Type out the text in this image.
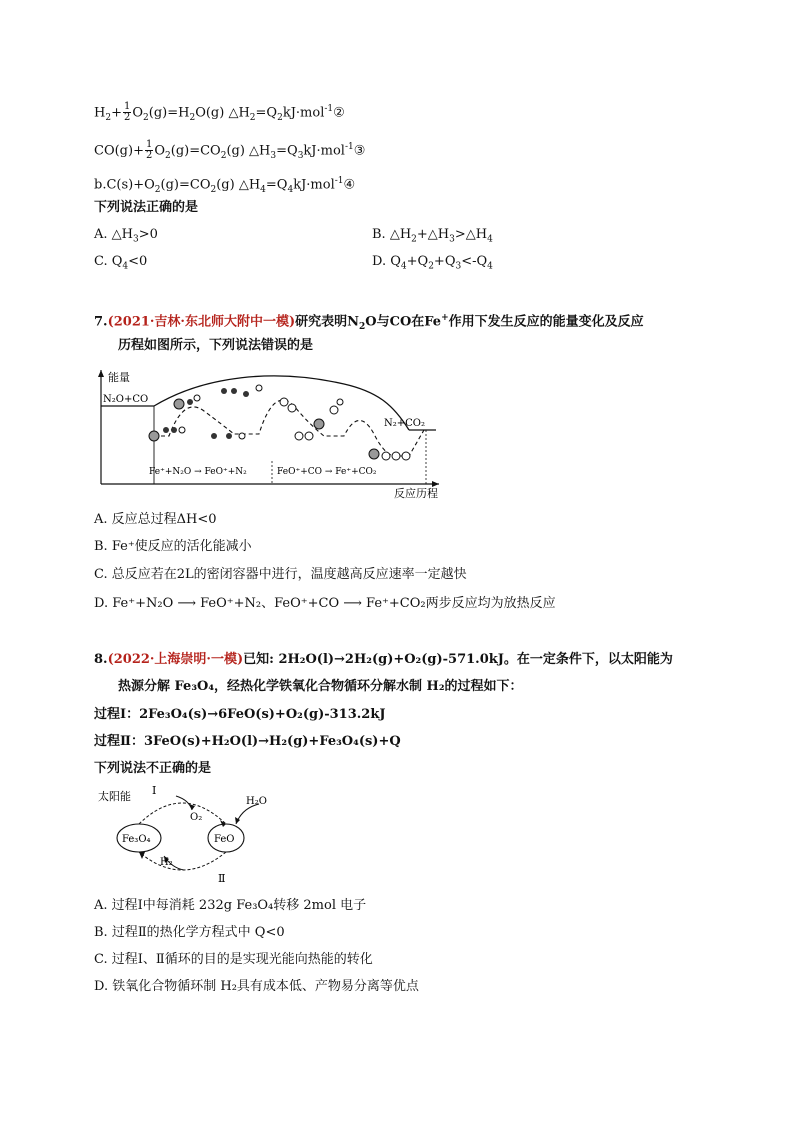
$H_2+ \frac{1}{2} O_2(g)=H_2O(g)$ $\triangle H_2=Q_2kJ\cdot mol^{-1}②$
$CO(g)+ \frac{1}{2} O_2(g)=CO_2(g)$ $\triangle H_3=Q_3kJ\cdot mol^{-1}③$
$b.C(s)+O_2(g)=CO_2(g)$ $\triangle H_4=Q_4kJ\cdot mol^{-1}④$
下列说法正确的是
A. $\triangle H_3>0$	B. $\triangle H_2+\triangle H_3>\triangle H_4$
C. $Q_4<0$	D. $Q_4+Q_2+Q_3<-Q_4$
7.(2021·吉林·东北师大附中一模)研究表明$N_2O$与CO在Fe+作用下发生反应的能量变化及反应
历程如图所示，下列说法错误的是
能量
反应历程
N₂O+CO
N₂+CO₂
Fe⁺+N₂O → FeO⁺+N₂	FeO⁺+CO → Fe⁺+CO₂
A. 反应总过程ΔH<0
B. Fe⁺使反应的活化能减小
C. 总反应若在2L的密闭容器中进行，温度越高反应速率一定越快
D. Fe⁺+N₂O ⟶ FeO⁺+N₂、FeO⁺+CO ⟶ Fe⁺+CO₂两步反应均为放热反应
8.(2022·上海崇明·一模)已知: 2H₂O(l)→2H₂(g)+O₂(g)-571.0kJ。在一定条件下，以太阳能为
热源分解 Fe₃O₄，经热化学铁氧化合物循环分解水制 H₂的过程如下：
过程Ⅰ：2Fe₃O₄(s)→6FeO(s)+O₂(g)-313.2kJ
过程Ⅱ：3FeO(s)+H₂O(l)→H₂(g)+Fe₃O₄(s)+Q
下列说法不正确的是
太阳能
Fe₃O₄	FeO
Ⅰ
O₂
H₂O
H₂
Ⅱ
A. 过程Ⅰ中每消耗 232g Fe₃O₄转移 2mol 电子
B. 过程Ⅱ的热化学方程式中 Q<0
C. 过程Ⅰ、Ⅱ循环的目的是实现光能向热能的转化
D. 铁氧化合物循环制 H₂具有成本低、产物易分离等优点
